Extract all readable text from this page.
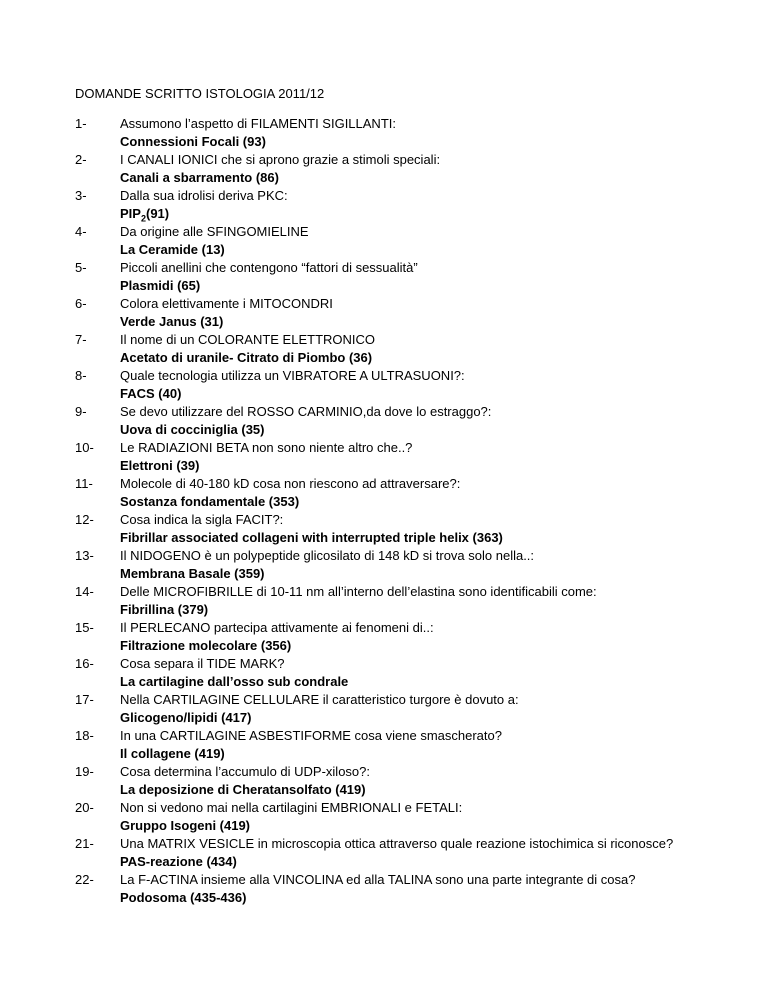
DOMANDE SCRITTO ISTOLOGIA 2011/12
1-	Assumono l’aspetto di FILAMENTI SIGILLANTI:
Connessioni Focali (93)
2-	I CANALI IONICI che si aprono grazie a stimoli speciali:
Canali a sbarramento (86)
3-	Dalla sua idrolisi deriva PKC:
$PIP_2(91)$
4-	Da origine alle SFINGOMIELINE
La Ceramide (13)
5-	Piccoli anellini che contengono “fattori di sessualità”
Plasmidi (65)
6-	Colora elettivamente i MITOCONDRI
Verde Janus (31)
7-	Il nome di un COLORANTE ELETTRONICO
Acetato di uranile- Citrato di Piombo (36)
8-	Quale tecnologia utilizza un VIBRATORE A ULTRASUONI?:
FACS (40)
9-	Se devo utilizzare del ROSSO CARMINIO,da dove lo estraggo?:
Uova di cocciniglia (35)
10-	Le RADIAZIONI BETA non sono niente altro che..?
Elettroni (39)
11-	Molecole di 40-180 kD cosa non riescono ad attraversare?:
Sostanza fondamentale (353)
12-	Cosa indica la sigla FACIT?:
Fibrillar associated collageni with interrupted triple helix (363)
13-	Il NIDOGENO è un polypeptide glicosilato di 148 kD si trova solo nella..:
Membrana Basale (359)
14-	Delle MICROFIBRILLE di 10-11 nm all’interno dell’elastina sono identificabili come:
Fibrillina (379)
15-	Il PERLECANO partecipa attivamente ai fenomeni di..:
Filtrazione molecolare (356)
16-	Cosa separa il TIDE MARK?
La cartilagine dall’osso sub condrale
17-	Nella CARTILAGINE CELLULARE il caratteristico turgore è dovuto a:
Glicogeno/lipidi (417)
18-	In una CARTILAGINE ASBESTIFORME cosa viene smascherato?
Il collagene (419)
19-	Cosa determina l’accumulo di UDP-xiloso?:
La deposizione di Cheratansolfato (419)
20-	Non si vedono mai nella cartilagini EMBRIONALI e FETALI:
Gruppo Isogeni (419)
21-	Una MATRIX VESICLE in microscopia ottica attraverso quale reazione istochimica si riconosce?
PAS-reazione (434)
22-	La F-ACTINA insieme alla VINCOLINA ed alla TALINA sono una parte integrante di cosa?
Podosoma (435-436)
